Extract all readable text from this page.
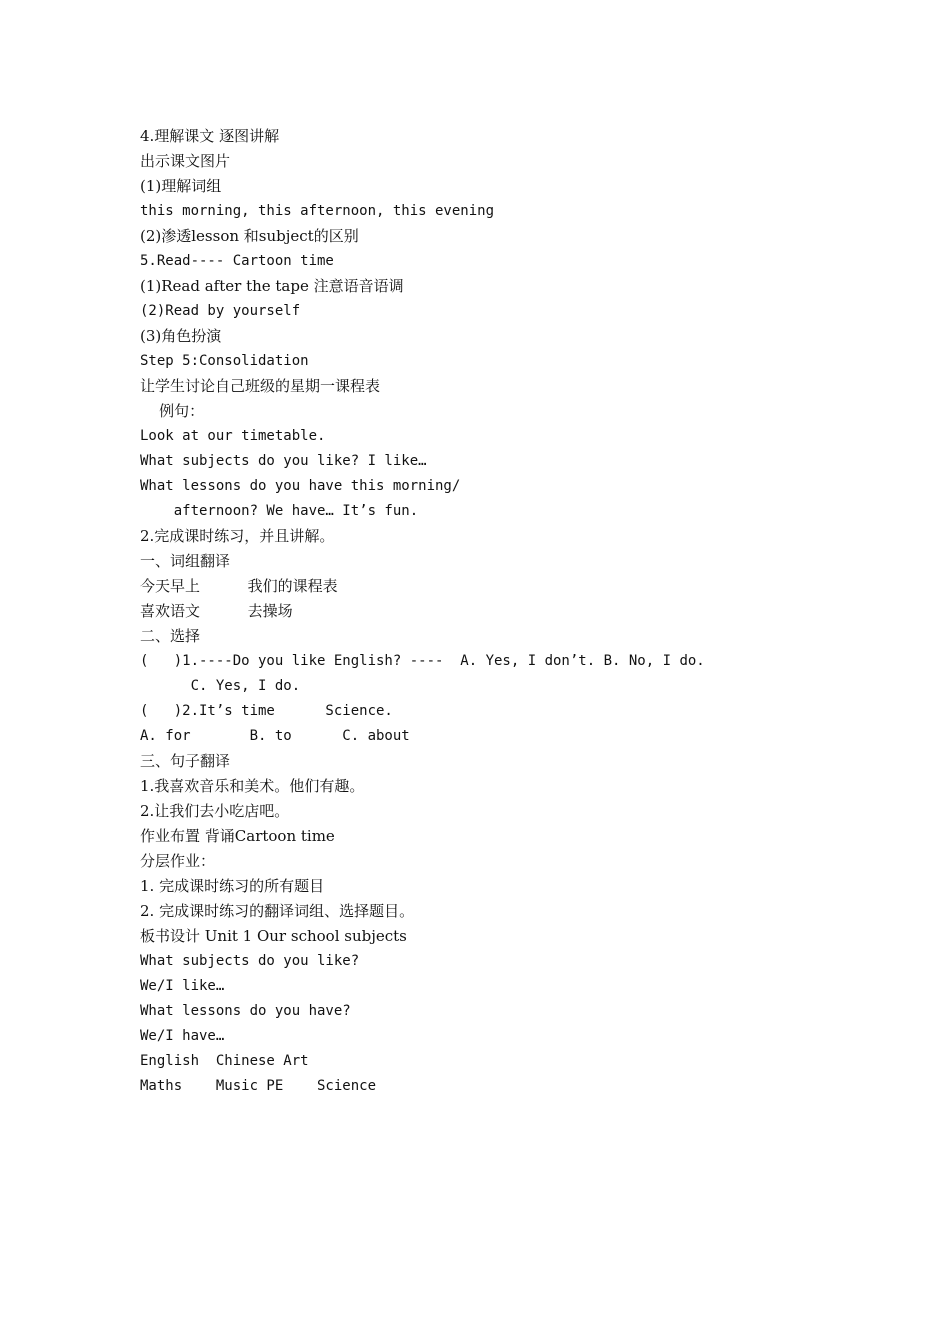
4.理解课文 逐图讲解
出示课文图片
(1)理解词组
this morning, this afternoon, this evening
(2)渗透lesson 和subject的区别
5.Read---- Cartoon time
(1)Read after the tape 注意语音语调
(2)Read by yourself
(3)角色扮演
Step 5:Consolidation
让学生讨论自己班级的星期一课程表
例句：
Look at our timetable.
What subjects do you like? I like…
What lessons do you have this morning/
afternoon? We have… It’s fun.
2.完成课时练习，并且讲解。
一、词组翻译
今天早上          我们的课程表
喜欢语文          去操场
二、选择
(   )1.----Do you like English? ----  A. Yes, I don’t. B. No, I do.
C. Yes, I do.
(   )2.It’s time      Science.
A. for       B. to      C. about
三、句子翻译
1.我喜欢音乐和美术。他们有趣。
2.让我们去小吃店吧。
作业布置 背诵Cartoon time
分层作业：
1. 完成课时练习的所有题目
2. 完成课时练习的翻译词组、选择题目。
板书设计 Unit 1 Our school subjects
What subjects do you like?
We/I like…
What lessons do you have?
We/I have…
English  Chinese Art
Maths    Music PE    Science
